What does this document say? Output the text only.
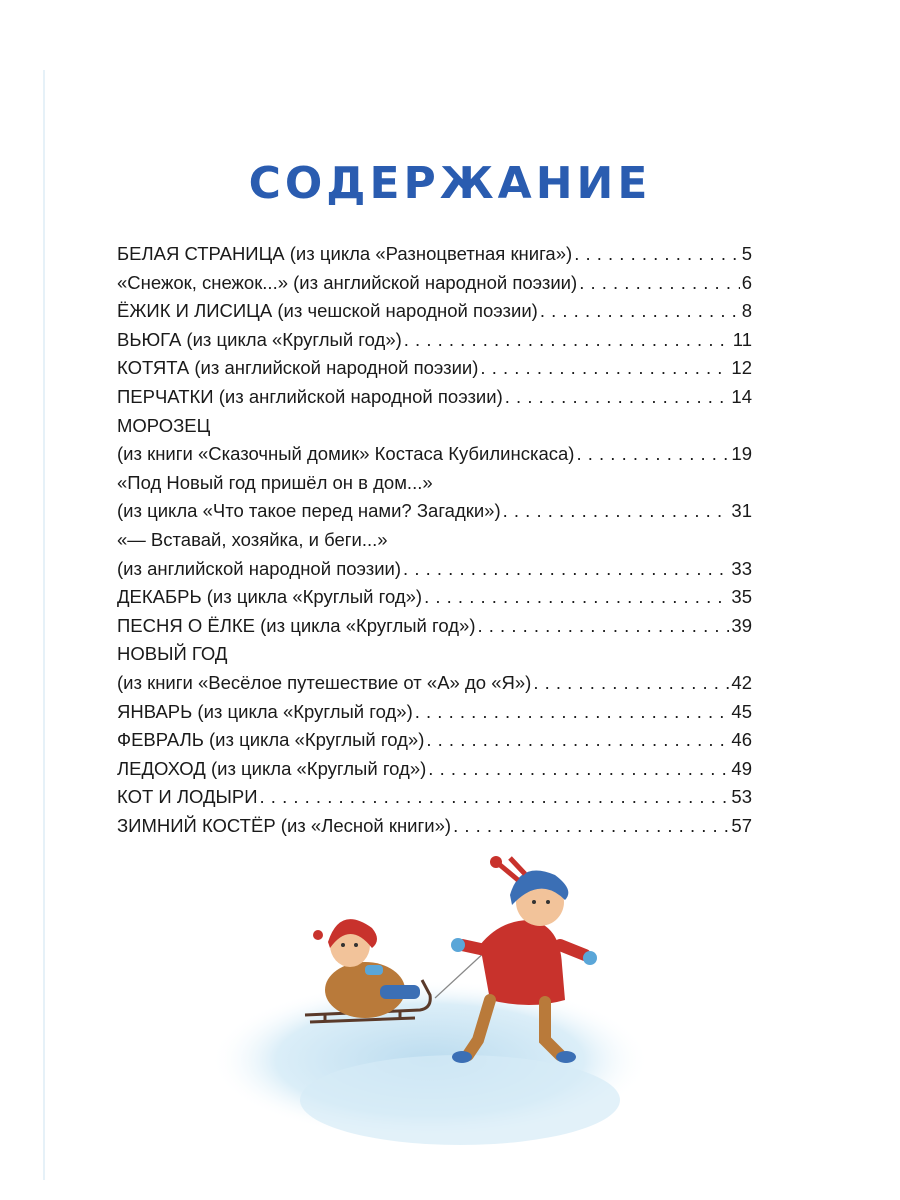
СОДЕРЖАНИЕ
БЕЛАЯ СТРАНИЦА (из цикла «Разноцветная книга») . . .	5
«Снежок, снежок...» (из английской народной поэзии) . . .	6
ЁЖИК И ЛИСИЦА (из чешской народной поэзии) . . .	8
ВЬЮГА (из цикла «Круглый год») . . .	11
КОТЯТА (из английской народной поэзии) . . .	12
ПЕРЧАТКИ (из английской народной поэзии) . . .	14
МОРОЗЕЦ
(из книги «Сказочный домик» Костаса Кубилинскаса) . . .	19
«Под Новый год пришёл он в дом...»
(из цикла «Что такое перед нами? Загадки») . . .	31
«— Вставай, хозяйка, и беги...»
(из английской народной поэзии) . . .	33
ДЕКАБРЬ (из цикла «Круглый год») . . .	35
ПЕСНЯ О ЁЛКЕ (из цикла «Круглый год») . . .	39
НОВЫЙ ГОД
(из книги «Весёлое путешествие от «А» до «Я») . . .	42
ЯНВАРЬ (из цикла «Круглый год») . . .	45
ФЕВРАЛЬ (из цикла «Круглый год») . . .	46
ЛЕДОХОД (из цикла «Круглый год») . . .	49
КОТ И ЛОДЫРИ . . .	53
ЗИМНИЙ КОСТЁР (из «Лесной книги») . . .	57
